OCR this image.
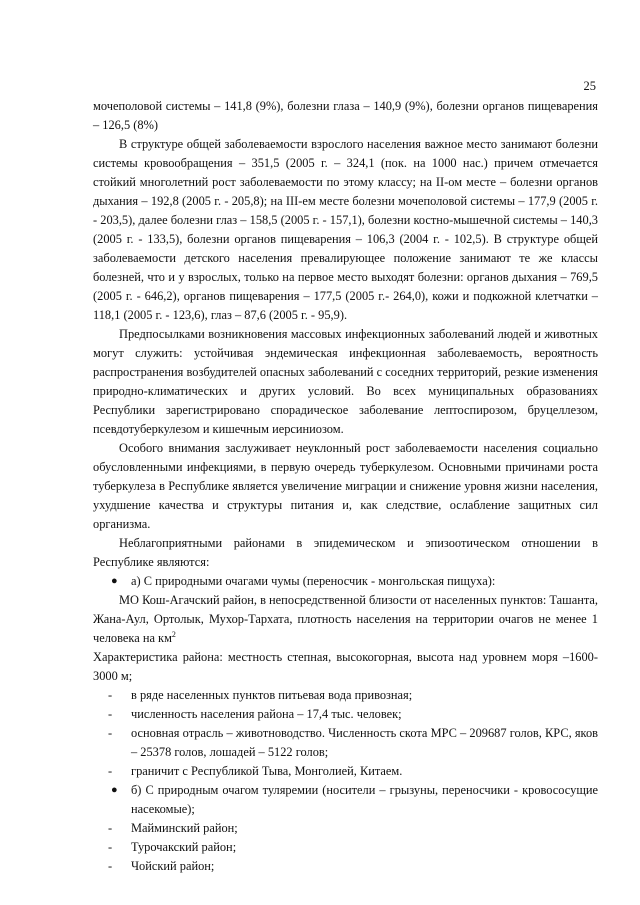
25

мочеполовой системы – 141,8 (9%), болезни глаза – 140,9 (9%), болезни органов пищеварения – 126,5 (8%)

В структуре общей заболеваемости взрослого населения важное место занимают болезни системы кровообращения – 351,5 (2005 г. – 324,1 (пок. на 1000 нас.) причем отмечается стойкий многолетний рост заболеваемости по этому классу; на II-ом месте – болезни органов дыхания – 192,8 (2005 г. - 205,8); на III-ем месте болезни мочеполовой системы – 177,9 (2005 г. - 203,5), далее болезни глаз – 158,5 (2005 г. - 157,1), болезни костно-мышечной системы – 140,3 (2005 г. - 133,5), болезни органов пищеварения – 106,3 (2004 г. - 102,5). В структуре общей заболеваемости детского населения превалирующее положение занимают те же классы болезней, что и у взрослых, только на первое место выходят болезни: органов дыхания – 769,5 (2005 г. - 646,2), органов пищеварения – 177,5 (2005 г.- 264,0), кожи и подкожной клетчатки – 118,1 (2005 г. - 123,6), глаз – 87,6 (2005 г. - 95,9).

Предпосылками возникновения массовых инфекционных заболеваний людей и животных могут служить: устойчивая эндемическая инфекционная заболеваемость, вероятность распространения возбудителей опасных заболеваний с соседних территорий, резкие изменения природно-климатических и других условий. Во всех муниципальных образованиях Республики зарегистрировано спорадическое заболевание лептоспирозом, бруцеллезом, псевдотуберкулезом и кишечным иерсиниозом.

Особого внимания заслуживает неуклонный рост заболеваемости населения социально обусловленными инфекциями, в первую очередь туберкулезом. Основными причинами роста туберкулеза в Республике является увеличение миграции и снижение уровня жизни населения, ухудшение качества и структуры питания и, как следствие, ослабление защитных сил организма.

Неблагоприятными районами в эпидемическом и эпизоотическом отношении в Республике являются:

● а) С природными очагами чумы (переносчик - монгольская пищуха):

МО Кош-Агачский район, в непосредственной близости от населенных пунктов: Ташанта, Жана-Аул, Ортолык, Мухор-Тархата, плотность населения на территории очагов не менее 1 человека на $км^2$

Характеристика района: местность степная, высокогорная, высота над уровнем моря –1600-3000 м;

- в ряде населенных пунктов питьевая вода привозная;

- численность населения района – 17,4 тыс. человек;

- основная отрасль – животноводство. Численность скота МРС – 209687 голов, КРС, яков – 25378 голов, лошадей – 5122 голов;

- граничит с Республикой Тыва, Монголией, Китаем.

● б) С природным очагом туляремии (носители – грызуны, переносчики - кровососущие насекомые);

- Майминский район;

- Турочакский район;

- Чойский район;
